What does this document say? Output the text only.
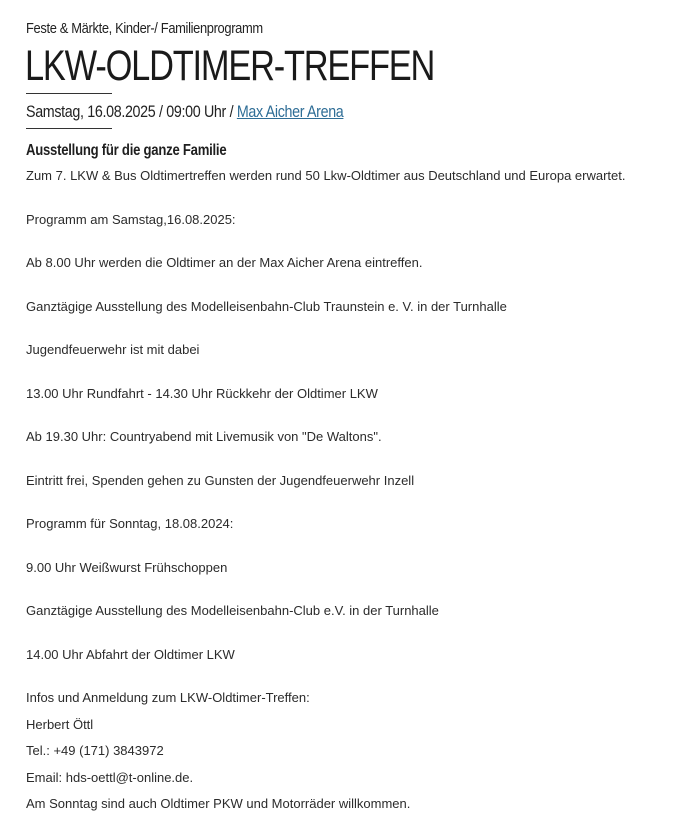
Feste & Märkte, Kinder-/ Familienprogramm
LKW-OLDTIMER-TREFFEN
Samstag, 16.08.2025 / 09:00 Uhr / Max Aicher Arena
Ausstellung für die ganze Familie

Zum 7. LKW & Bus Oldtimertreffen werden rund 50 Lkw-Oldtimer aus Deutschland und Europa erwartet.

Programm am Samstag,16.08.2025:

Ab 8.00 Uhr werden die Oldtimer an der Max Aicher Arena eintreffen.

Ganztägige Ausstellung des Modelleisenbahn-Club Traunstein e. V. in der Turnhalle

Jugendfeuerwehr ist mit dabei

13.00 Uhr Rundfahrt - 14.30 Uhr Rückkehr der Oldtimer LKW

Ab 19.30 Uhr: Countryabend mit Livemusik von "De Waltons".

Eintritt frei, Spenden gehen zu Gunsten der Jugendfeuerwehr Inzell

Programm für Sonntag, 18.08.2024:

9.00 Uhr Weißwurst Frühschoppen

Ganztägige Ausstellung des Modelleisenbahn-Club e.V. in der Turnhalle

14.00 Uhr Abfahrt der Oldtimer LKW

Infos und Anmeldung zum LKW-Oldtimer-Treffen:

Herbert Öttl

Tel.: +49 (171) 3843972

Email: hds-oettl@t-online.de.

Am Sonntag sind auch Oldtimer PKW und Motorräder willkommen.
